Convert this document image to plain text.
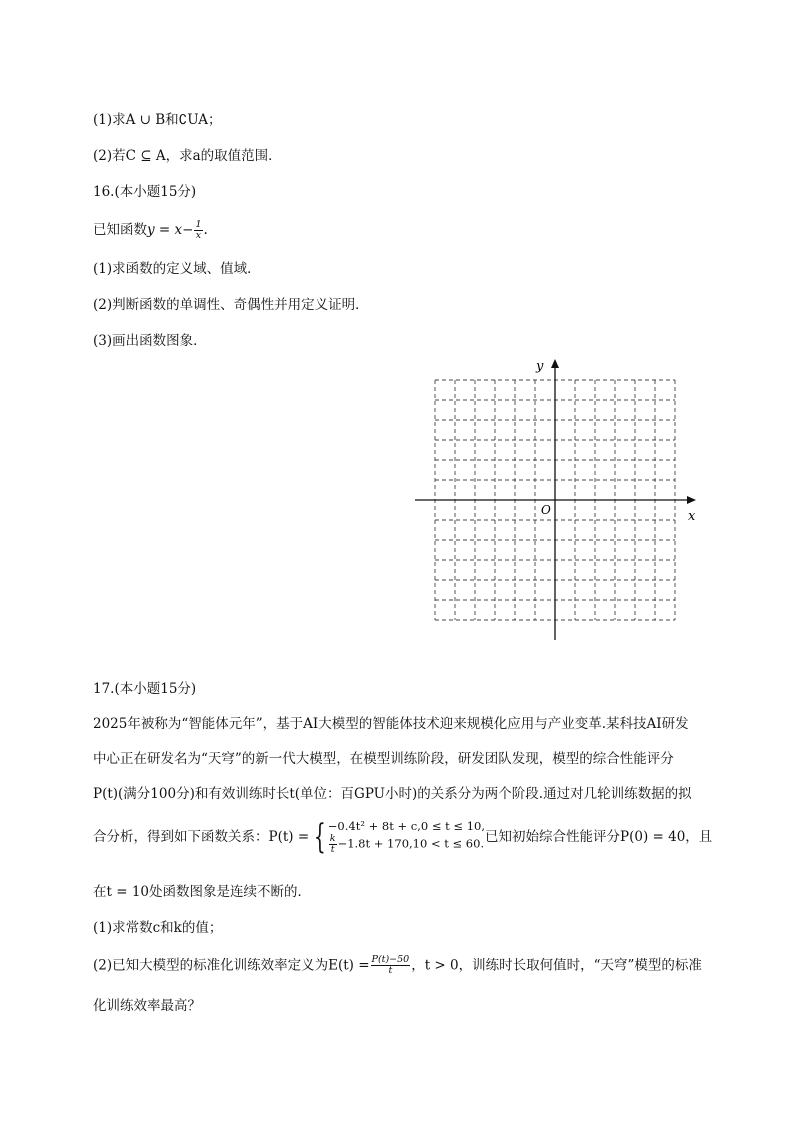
(1)求A ∪ B和∁UA；
(2)若C ⊆ A，求a的取值范围．
16.(本小题15分)
已知函数$y = x- \frac{1}{x}$ .
(1)求函数的定义域、值域．
(2)判断函数的单调性、奇偶性并用定义证明．
(3)画出函数图象．
y
x
O
17.(本小题15分)
2025年被称为“智能体元年”，基于AI大模型的智能体技术迎来规模化应用与产业变革.某科技AI研发
中心正在研发名为“天穹”的新一代大模型，在模型训练阶段，研发团队发现，模型的综合性能评分
P(t)(满分100分)和有效训练时长t(单位：百GPU小时)的关系分为两个阶段.通过对几轮训练数据的拟
合分析，得到如下函数关系：P(t) = { −0.4t² + 8t + c,0 ≤ t ≤ 10,
$\frac{k}{t} -1.8t + 170,10 < t \le 60$. 已知初始综合性能评分P(0) = 40，且
在t = 10处函数图象是连续不断的．
(1)求常数c和k的值；
(2)已知大模型的标准化训练效率定义为$E(t) = \frac{P(t)-50}{t}$ ，t > 0，训练时长取何值时，“天穹”模型的标准
化训练效率最高？
